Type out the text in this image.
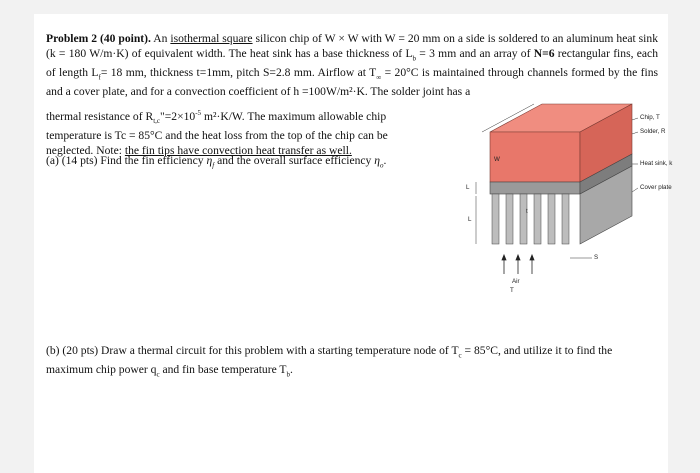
Problem 2 (40 point). An isothermal square silicon chip of W × W with W = 20 mm on a side is soldered to an aluminum heat sink (k = 180 W/m·K) of equivalent width. The heat sink has a base thickness of $L_b = 3$ mm and an array of N=6 rectangular fins, each of length $L_f= 18$ mm, thickness t=1mm, pitch S=2.8 mm. Airflow at $T_\infty = 20^\circ C$ is maintained through channels formed by the fins and a cover plate, and for a convection coefficient of h =100W/m²·K. The solder joint has a
thermal resistance of $R_{t,c}"=2\times 10^{-5}$ m²·K/W. The maximum allowable chip temperature is Tc = 85°C and the heat loss from the top of the chip can be neglected. Note: the fin tips have convection heat transfer as well.
(a) (14 pts) Find the fin efficiency $\eta_f$ and the overall surface efficiency $\eta_o$.
(b) (20 pts) Draw a thermal circuit for this problem with a starting temperature node of $T_c = 85^\circ C$, and utilize it to find the maximum chip power $q_c$ and fin base temperature $T_b$.
Chip, T
Solder, R
Heat sink, k
Cover plate
W
L
L
t
S
Air
T
